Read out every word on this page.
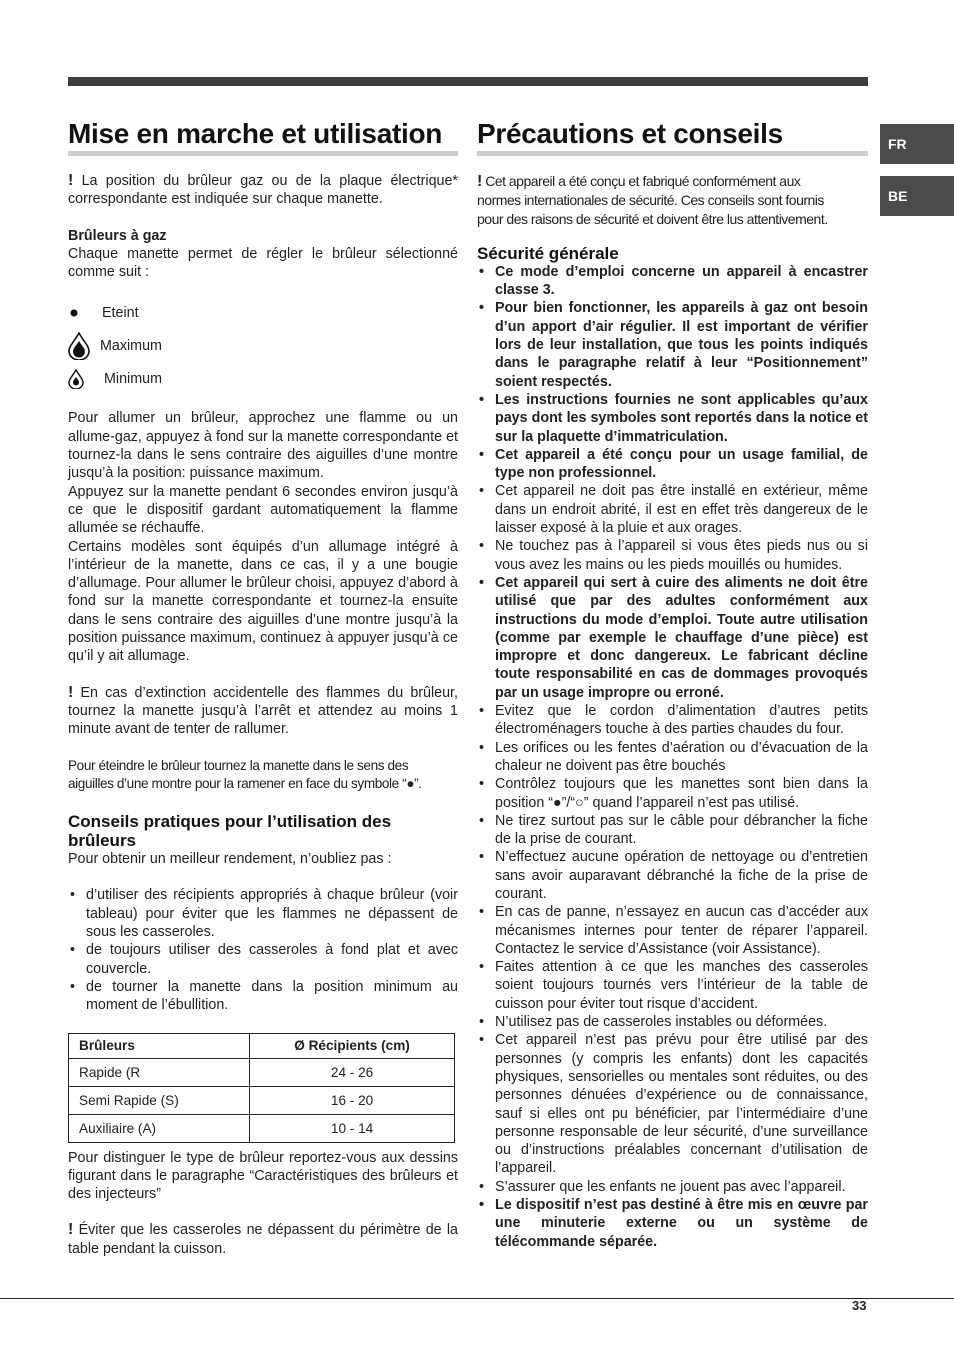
FR
BE
Mise en marche et utilisation

! La position du brûleur gaz ou de la plaque électrique* correspondante est indiquée sur chaque manette.

Brûleurs à gaz

Chaque manette permet de régler le brûleur sélectionné comme suit :

Eteint
Maximum
Minimum

Pour allumer un brûleur, approchez une flamme ou un allume-gaz, appuyez à fond sur la manette correspondante et tournez-la dans le sens contraire des aiguilles d’une montre jusqu’à la position: puissance maximum.

Appuyez sur la manette pendant 6 secondes environ jusqu’à ce que le dispositif gardant automatiquement la flamme allumée se réchauffe.

Certains modèles sont équipés d’un allumage intégré à l’intérieur de la manette, dans ce cas, il y a une bougie d’allumage. Pour allumer le brûleur choisi, appuyez d’abord à fond sur la manette correspondante et tournez-la ensuite dans le sens contraire des aiguilles d’une montre jusqu’à la position puissance maximum, continuez à appuyer jusqu’à ce qu’il y ait allumage.

! En cas d’extinction accidentelle des flammes du brûleur, tournez la manette jusqu’à l’arrêt et attendez au moins 1 minute avant de tenter de rallumer.

Pour éteindre le brûleur tournez la manette dans le sens des
aiguilles d’une montre pour la ramener en face du symbole “●”.

Conseils pratiques pour l’utilisation des brûleurs

Pour obtenir un meilleur rendement, n’oubliez pas :

• d’utiliser des récipients appropriés à chaque brûleur (voir tableau) pour éviter que les flammes ne dépassent de sous les casseroles.
• de toujours utiliser des casseroles à fond plat et avec couvercle.
• de tourner la manette dans la position minimum au moment de l’ébullition.
Brûleurs	Ø Récipients (cm)
Rapide (R	24 - 26
Semi Rapide (S)	16 - 20
Auxiliaire (A)	10 - 14

Pour distinguer le type de brûleur reportez-vous aux dessins figurant dans le paragraphe “Caractéristiques des brûleurs et des injecteurs”

! Éviter que les casseroles ne dépassent du périmètre de la table pendant la cuisson.

Précautions et conseils

! Cet appareil a été conçu et fabriqué conformément aux
normes internationales de sécurité. Ces conseils sont fournis
pour des raisons de sécurité et doivent être lus attentivement.

Sécurité générale
• Ce mode d’emploi concerne un appareil à encastrer classe 3.
• Pour bien fonctionner, les appareils à gaz ont besoin d’un apport d’air régulier. Il est important de vérifier lors de leur installation, que tous les points indiqués dans le paragraphe relatif à leur “Positionnement” soient respectés.
• Les instructions fournies ne sont applicables qu’aux pays dont les symboles sont reportés dans la notice et sur la plaquette d’immatriculation.
• Cet appareil a été conçu pour un usage familial, de type non professionnel.
• Cet appareil ne doit pas être installé en extérieur, même dans un endroit abrité, il est en effet très dangereux de le laisser exposé à la pluie et aux orages.
• Ne touchez pas à l’appareil si vous êtes pieds nus ou si vous avez les mains ou les pieds mouillés ou humides.
• Cet appareil qui sert à cuire des aliments ne doit être utilisé que par des adultes conformément aux instructions du mode d’emploi. Toute autre utilisation (comme par exemple le chauffage d’une pièce) est impropre et donc dangereux. Le fabricant décline toute responsabilité en cas de dommages provoqués par un usage impropre ou erroné.
• Evitez que le cordon d’alimentation d’autres petits électroménagers touche à des parties chaudes du four.
• Les orifices ou les fentes d’aération ou d’évacuation de la chaleur ne doivent pas être bouchés
• Contrôlez toujours que les manettes sont bien dans la position “●”/“○” quand l’appareil n’est pas utilisé.
• Ne tirez surtout pas sur le câble pour débrancher la fiche de la prise de courant.
• N’effectuez aucune opération de nettoyage ou d’entretien sans avoir auparavant débranché la fiche de la prise de courant.
• En cas de panne, n’essayez en aucun cas d’accéder aux mécanismes internes pour tenter de réparer l’appareil. Contactez le service d’Assistance (voir Assistance).
• Faites attention à ce que les manches des casseroles soient toujours tournés vers l’intérieur de la table de cuisson pour éviter tout risque d’accident.
• N’utilisez pas de casseroles instables ou déformées.
• Cet appareil n’est pas prévu pour être utilisé par des personnes (y compris les enfants) dont les capacités physiques, sensorielles ou mentales sont réduites, ou des personnes dénuées d’expérience ou de connaissance, sauf si elles ont pu bénéficier, par l’intermédiaire d’une personne responsable de leur sécurité, d’une surveillance ou d’instructions préalables concernant d’utilisation de l’appareil.
• S’assurer que les enfants ne jouent pas avec l’appareil.
• Le dispositif n’est pas destiné à être mis en œuvre par une minuterie externe ou un système de télécommande séparée.
33
